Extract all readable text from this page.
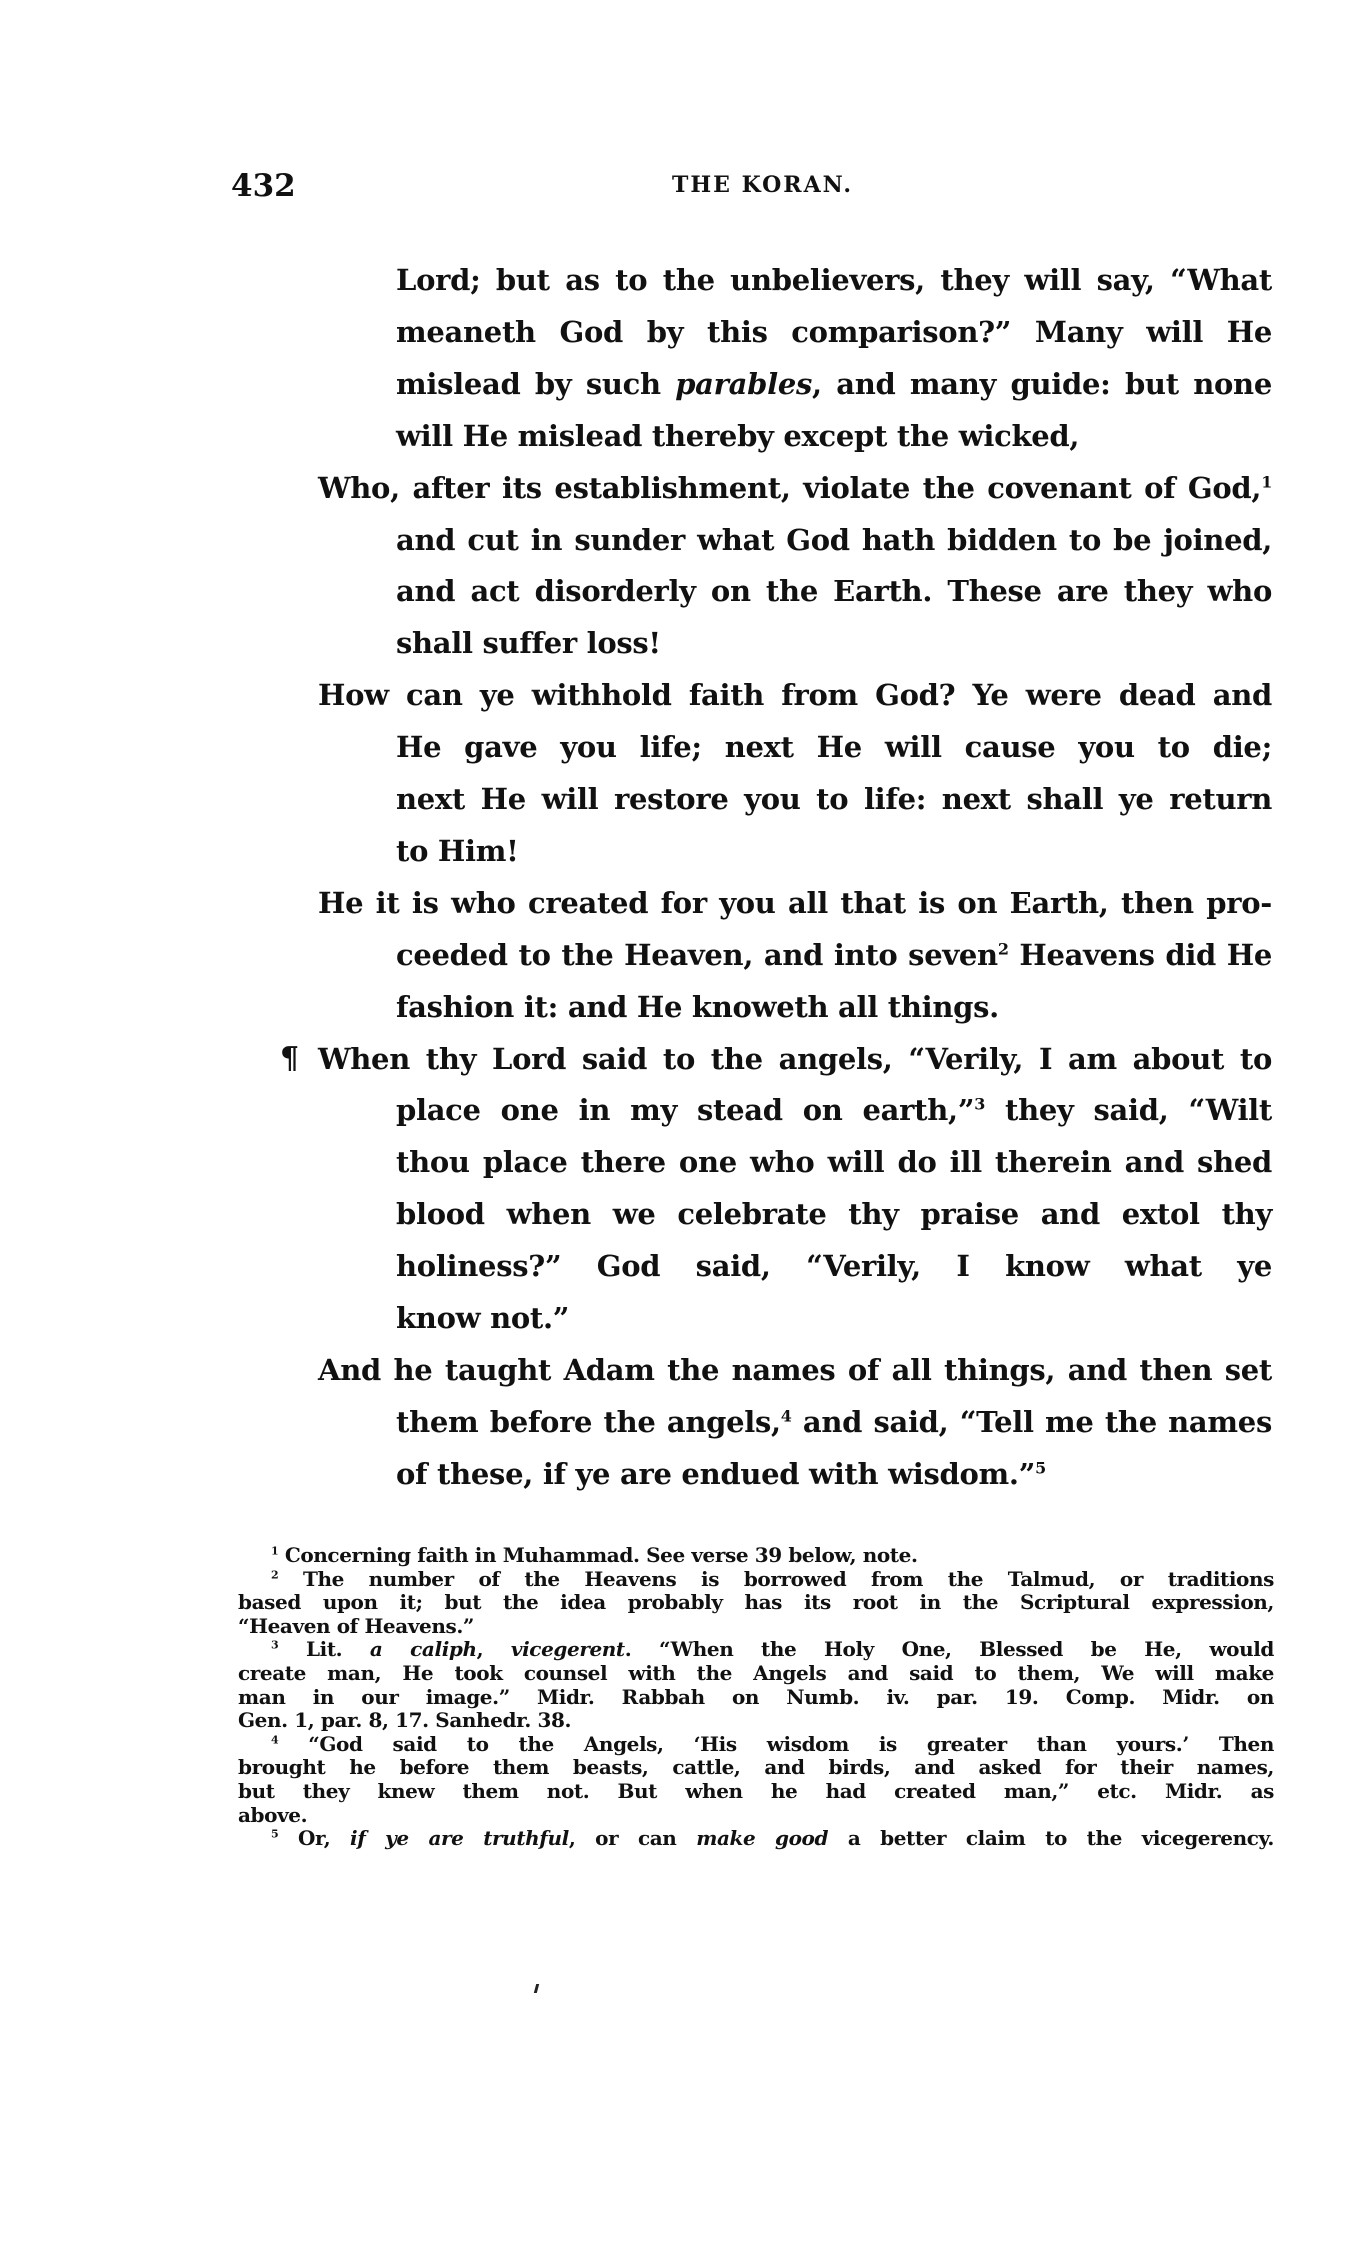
432	THE KORAN.
Lord; but as to the unbelievers, they will say, “What
meaneth God by this comparison?” Many will He
mislead by such parables, and many guide: but none
will He mislead thereby except the wicked,
Who, after its establishment, violate the covenant of God,$^1$
and cut in sunder what God hath bidden to be joined,
and act disorderly on the Earth. These are they who
shall suffer loss!
How can ye withhold faith from God? Ye were dead and
He gave you life; next He will cause you to die;
next He will restore you to life: next shall ye return
to Him!
He it is who created for you all that is on Earth, then pro-
ceeded to the Heaven, and into seven$^2$ Heavens did He
fashion it: and He knoweth all things.
When thy Lord said to the angels, “Verily, I am about to
¶
place one in my stead on earth,”$^3$ they said, “Wilt
thou place there one who will do ill therein and shed
blood when we celebrate thy praise and extol thy
holiness?” God said, “Verily, I know what ye
know not.”
And he taught Adam the names of all things, and then set
them before the angels,$^4$ and said, “Tell me the names
of these, if ye are endued with wisdom.”$^5$
$^1$ Concerning faith in Muhammad. See verse 39 below, note.
$^2$ The number of the Heavens is borrowed from the Talmud, or traditions
based upon it; but the idea probably has its root in the Scriptural expression,
“Heaven of Heavens.”
$^3$ Lit. a caliph, vicegerent. “When the Holy One, Blessed be He, would
create man, He took counsel with the Angels and said to them, We will make
man in our image.” Midr. Rabbah on Numb. iv. par. 19. Comp. Midr. on
Gen. 1, par. 8, 17. Sanhedr. 38.
$^4$ “God said to the Angels, ‘His wisdom is greater than yours.’ Then
brought he before them beasts, cattle, and birds, and asked for their names,
but they knew them not. But when he had created man,” etc. Midr. as
above.
$^5$ Or, if ye are truthful, or can make good a better claim to the vicegerency.
